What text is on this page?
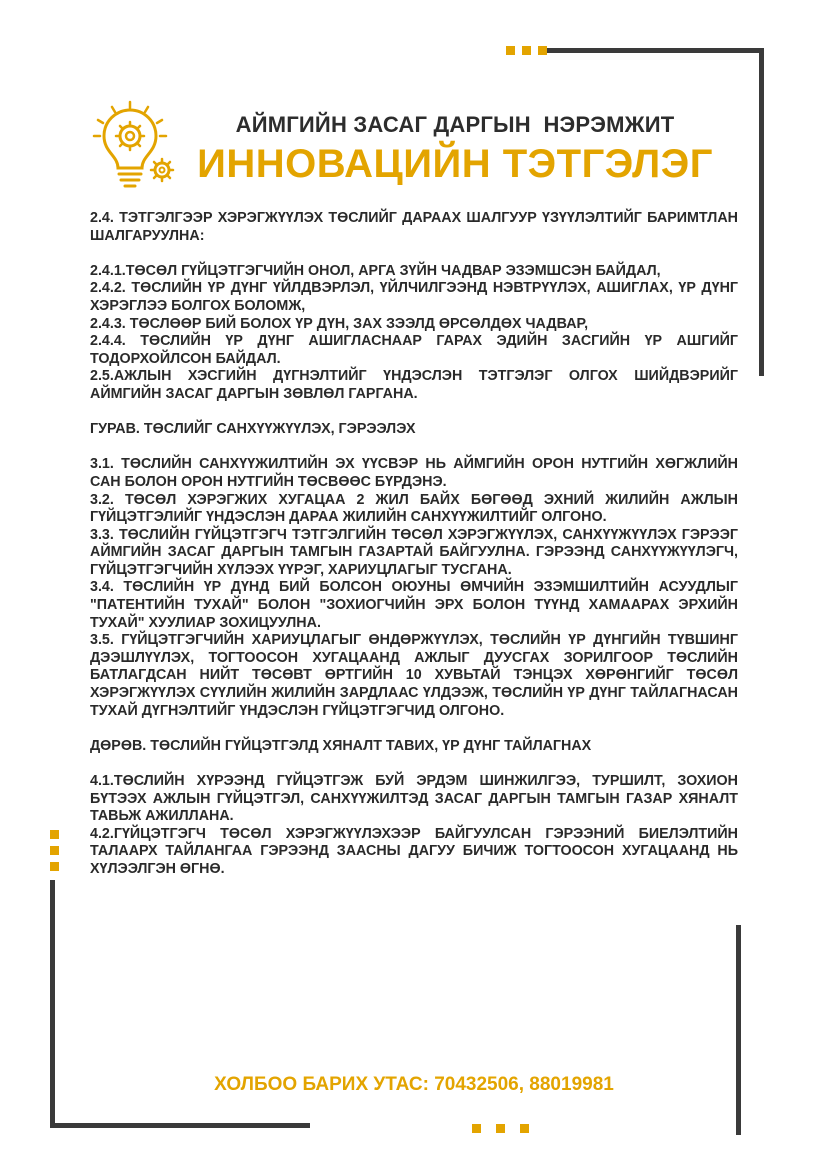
АЙМГИЙН ЗАСАГ ДАРГЫН  НЭРЭМЖИТ
ИННОВАЦИЙН ТЭТГЭЛЭГ

2.4. ТЭТГЭЛГЭЭР ХЭРЭГЖҮҮЛЭХ ТӨСЛИЙГ ДАРААХ ШАЛГУУР ҮЗҮҮЛЭЛТИЙГ БАРИМТЛАН ШАЛГАРУУЛНА:

2.4.1.ТӨСӨЛ ГҮЙЦЭТГЭГЧИЙН ОНОЛ, АРГА ЗҮЙН ЧАДВАР ЭЗЭМШСЭН БАЙДАЛ,

2.4.2. ТӨСЛИЙН ҮР ДҮНГ ҮЙЛДВЭРЛЭЛ, ҮЙЛЧИЛГЭЭНД НЭВТРҮҮЛЭХ, АШИГЛАХ, ҮР ДҮНГ ХЭРЭГЛЭЭ БОЛГОХ БОЛОМЖ,

2.4.3. ТӨСЛӨӨР БИЙ БОЛОХ ҮР ДҮН, ЗАХ ЗЭЭЛД ӨРСӨЛДӨХ ЧАДВАР,

2.4.4. ТӨСЛИЙН ҮР ДҮНГ АШИГЛАСНААР ГАРАХ ЭДИЙН ЗАСГИЙН ҮР АШГИЙГ ТОДОРХОЙЛСОН БАЙДАЛ.

2.5.АЖЛЫН ХЭСГИЙН ДҮГНЭЛТИЙГ ҮНДЭСЛЭН ТЭТГЭЛЭГ ОЛГОХ ШИЙДВЭРИЙГ АЙМГИЙН ЗАСАГ ДАРГЫН ЗӨВЛӨЛ ГАРГАНА.

ГУРАВ. ТӨСЛИЙГ САНХҮҮЖҮҮЛЭХ, ГЭРЭЭЛЭХ

3.1. ТӨСЛИЙН САНХҮҮЖИЛТИЙН ЭХ ҮҮСВЭР НЬ АЙМГИЙН ОРОН НУТГИЙН ХӨГЖЛИЙН САН БОЛОН ОРОН НУТГИЙН ТӨСВӨӨС БҮРДЭНЭ.

3.2. ТӨСӨЛ ХЭРЭГЖИХ ХУГАЦАА 2 ЖИЛ БАЙХ БӨГӨӨД ЭХНИЙ ЖИЛИЙН АЖЛЫН ГҮЙЦЭТГЭЛИЙГ ҮНДЭСЛЭН ДАРАА ЖИЛИЙН САНХҮҮЖИЛТИЙГ ОЛГОНО.

3.3. ТӨСЛИЙН ГҮЙЦЭТГЭГЧ ТЭТГЭЛГИЙН ТӨСӨЛ ХЭРЭГЖҮҮЛЭХ, САНХҮҮЖҮҮЛЭХ ГЭРЭЭГ АЙМГИЙН ЗАСАГ ДАРГЫН ТАМГЫН ГАЗАРТАЙ БАЙГУУЛНА. ГЭРЭЭНД САНХҮҮЖҮҮЛЭГЧ, ГҮЙЦЭТГЭГЧИЙН ХҮЛЭЭХ ҮҮРЭГ, ХАРИУЦЛАГЫГ ТУСГАНА.

3.4. ТӨСЛИЙН ҮР ДҮНД БИЙ БОЛСОН ОЮУНЫ ӨМЧИЙН ЭЗЭМШИЛТИЙН АСУУДЛЫГ "ПАТЕНТИЙН ТУХАЙ" БОЛОН "ЗОХИОГЧИЙН ЭРХ БОЛОН ТҮҮНД ХАМААРАХ ЭРХИЙН ТУХАЙ" ХУУЛИАР ЗОХИЦУУЛНА.

3.5. ГҮЙЦЭТГЭГЧИЙН ХАРИУЦЛАГЫГ ӨНДӨРЖҮҮЛЭХ, ТӨСЛИЙН ҮР ДҮНГИЙН ТҮВШИНГ ДЭЭШЛҮҮЛЭХ, ТОГТООСОН ХУГАЦААНД АЖЛЫГ ДУУСГАХ ЗОРИЛГООР ТӨСЛИЙН БАТЛАГДСАН НИЙТ ТӨСӨВТ ӨРТГИЙН 10 ХУВЬТАЙ ТЭНЦЭХ ХӨРӨНГИЙГ ТӨСӨЛ ХЭРЭГЖҮҮЛЭХ СҮҮЛИЙН ЖИЛИЙН ЗАРДЛААС ҮЛДЭЭЖ, ТӨСЛИЙН ҮР ДҮНГ ТАЙЛАГНАСАН ТУХАЙ ДҮГНЭЛТИЙГ ҮНДЭСЛЭН ГҮЙЦЭТГЭГЧИД ОЛГОНО.

ДӨРӨВ. ТӨСЛИЙН ГҮЙЦЭТГЭЛД ХЯНАЛТ ТАВИХ, ҮР ДҮНГ ТАЙЛАГНАХ

4.1.ТӨСЛИЙН ХҮРЭЭНД ГҮЙЦЭТГЭЖ БУЙ ЭРДЭМ ШИНЖИЛГЭЭ, ТУРШИЛТ, ЗОХИОН БҮТЭЭХ АЖЛЫН ГҮЙЦЭТГЭЛ, САНХҮҮЖИЛТЭД ЗАСАГ ДАРГЫН ТАМГЫН ГАЗАР ХЯНАЛТ ТАВЬЖ АЖИЛЛАНА.

4.2.ГҮЙЦЭТГЭГЧ ТӨСӨЛ ХЭРЭГЖҮҮЛЭХЭЭР БАЙГУУЛСАН ГЭРЭЭНИЙ БИЕЛЭЛТИЙН ТАЛААРХ ТАЙЛАНГАА ГЭРЭЭНД ЗААСНЫ ДАГУУ БИЧИЖ ТОГТООСОН ХУГАЦААНД НЬ ХҮЛЭЭЛГЭН ӨГНӨ.

ХОЛБОО БАРИХ УТАС: 70432506, 88019981
